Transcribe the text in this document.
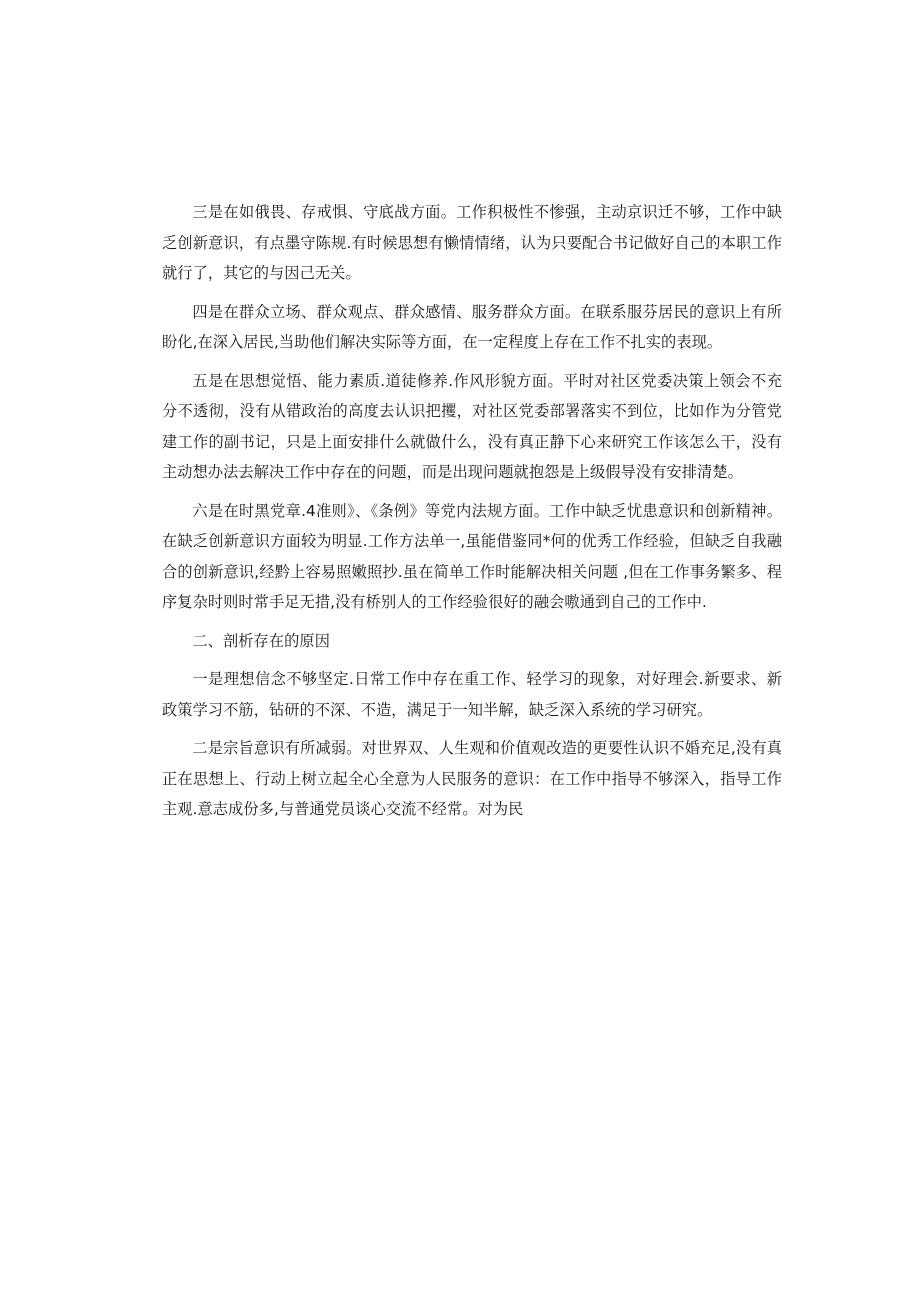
三是在如俄畏、存戒惧、守底战方面。工作积极性不惨强，主动京识迁不够，工作中缺乏创新意识，有点墨守陈规.有时候思想有懒情情绪，认为只要配合书记做好自己的本职工作就行了，其它的与因己无关。

四是在群众立场、群众观点、群众感情、服务群众方面。在联系服芬居民的意识上有所盼化,在深入居民,当助他们解决实际等方面，在一定程度上存在工作不扎实的表现。

五是在思想觉悟、能力素质.道徒修养.作风形貌方面。平时对社区党委决策上领会不充分不透彻，没有从错政治的高度去认识把攫，对社区党委部署落实不到位，比如作为分管党建工作的副书记，只是上面安排什么就做什么，没有真正静下心来研究工作该怎么干，没有主动想办法去解决工作中存在的问题，而是出现问题就抱怨是上级假导没有安排清楚。

六是在时黑党章.4准则》、《条例》等党内法规方面。工作中缺乏忧患意识和创新精神。在缺乏创新意识方面较为明显.工作方法单一,虽能借鉴同*何的优秀工作经验，但缺乏自我融合的创新意识,经黔上容易照嫩照抄.虽在简单工作时能解决相关问题 ,但在工作事务繁多、程序复杂时则时常手足无措,没有桥别人的工作经验很好的融会嗷通到自己的工作中.

二、剖析存在的原因

一是理想信念不够坚定.日常工作中存在重工作、轻学习的现象，对好理会.新要求、新政策学习不筋，钻研的不深、不造，满足于一知半解，缺乏深入系统的学习研究。

二是宗旨意识有所减弱。对世界双、人生观和价值观改造的更要性认识不婚充足,没有真正在思想上、行动上树立起全心全意为人民服务的意识：在工作中指导不够深入，指导工作主观.意志成份多,与普通党员谈心交流不经常。对为民
